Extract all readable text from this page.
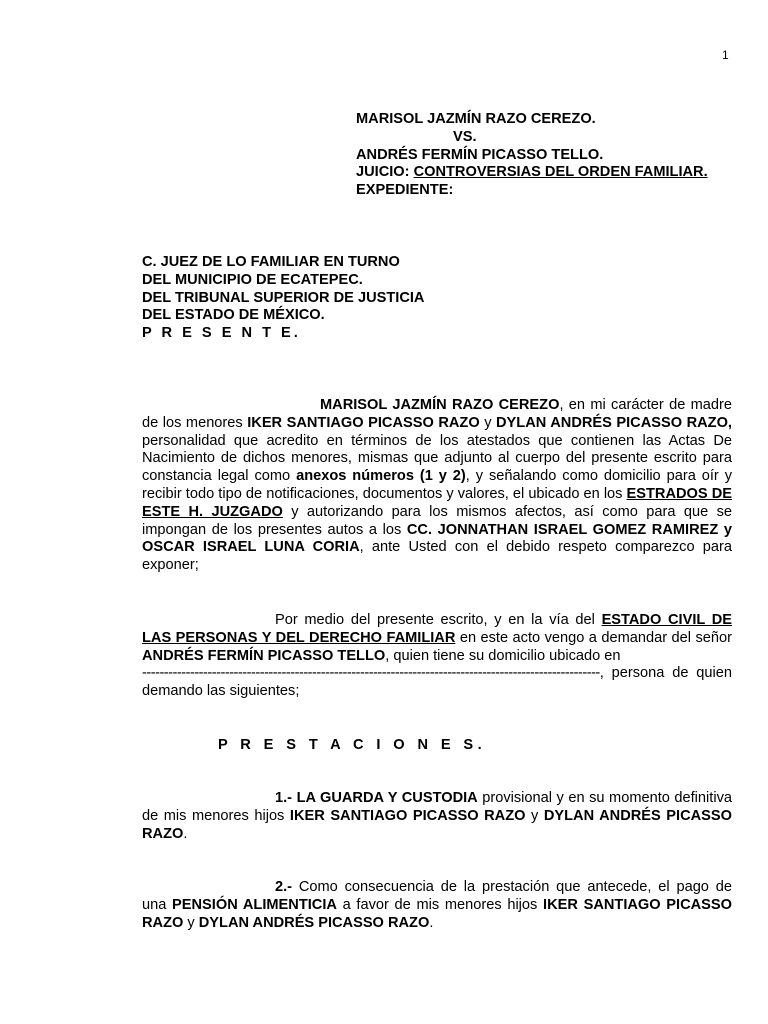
1
MARISOL JAZMÍN RAZO CEREZO.
VS.
ANDRÉS FERMÍN PICASSO TELLO.
JUICIO: CONTROVERSIAS DEL ORDEN FAMILIAR.
EXPEDIENTE:
C. JUEZ DE LO FAMILIAR EN TURNO
DEL MUNICIPIO DE ECATEPEC.
DEL TRIBUNAL SUPERIOR DE JUSTICIA
DEL ESTADO DE MÉXICO.
P R E S E N T E.

MARISOL JAZMÍN RAZO CEREZO, en mi carácter de madre de los menores IKER SANTIAGO PICASSO RAZO y DYLAN ANDRÉS PICASSO RAZO, personalidad que acredito en términos de los atestados que contienen las Actas De Nacimiento de dichos menores, mismas que adjunto al cuerpo del presente escrito para constancia legal como anexos números (1 y 2), y señalando como domicilio para oír y recibir todo tipo de notificaciones, documentos y valores, el ubicado en los ESTRADOS DE ESTE H. JUZGADO y autorizando para los mismos afectos, así como para que se impongan de los presentes autos a los CC. JONNATHAN ISRAEL GOMEZ RAMIREZ y OSCAR ISRAEL LUNA CORIA, ante Usted con el debido respeto comparezco para exponer;

Por medio del presente escrito, y en la vía del ESTADO CIVIL DE LAS PERSONAS Y DEL DERECHO FAMILIAR en este acto vengo a demandar del señor ANDRÉS FERMÍN PICASSO TELLO, quien tiene su domicilio ubicado en
---------------------------------------------------------------------------------------------------------, persona de quien demando las siguientes;

P R E S T A C I O N E S.

1.- LA GUARDA Y CUSTODIA provisional y en su momento definitiva de mis menores hijos IKER SANTIAGO PICASSO RAZO y DYLAN ANDRÉS PICASSO RAZO.

2.- Como consecuencia de la prestación que antecede, el pago de una PENSIÓN ALIMENTICIA a favor de mis menores hijos IKER SANTIAGO PICASSO RAZO y DYLAN ANDRÉS PICASSO RAZO.
